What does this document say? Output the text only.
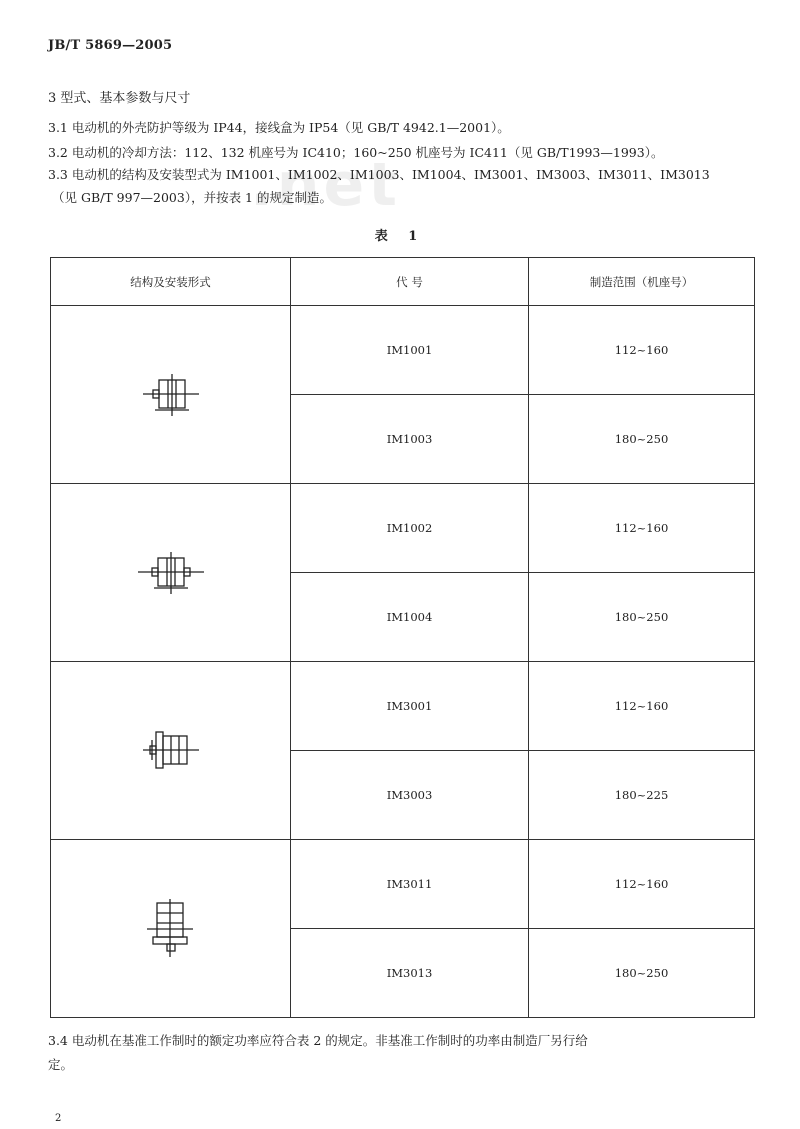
.net
JB/T 5869—2005
3 型式、基本参数与尺寸
3.1 电动机的外壳防护等级为 IP44，接线盒为 IP54（见 GB/T 4942.1—2001）。
3.2 电动机的冷却方法：112、132 机座号为 IC410；160~250 机座号为 IC411（见 GB/T1993—1993）。
3.3 电动机的结构及安装型式为 IM1001、IM1002、IM1003、IM1004、IM3001、IM3003、IM3011、IM3013
（见 GB/T 997—2003），并按表 1 的规定制造。
表 1
结构及安装形式	代 号	制造范围（机座号）

	IM1001	112~160
	IM1003	180~250

	IM1002	112~160
	IM1004	180~250

	IM3001	112~160
	IM3003	180~225

	IM3011	112~160
	IM3013	180~250
3.4 电动机在基准工作制时的额定功率应符合表 2 的规定。非基准工作制时的功率由制造厂另行给
定。
2
